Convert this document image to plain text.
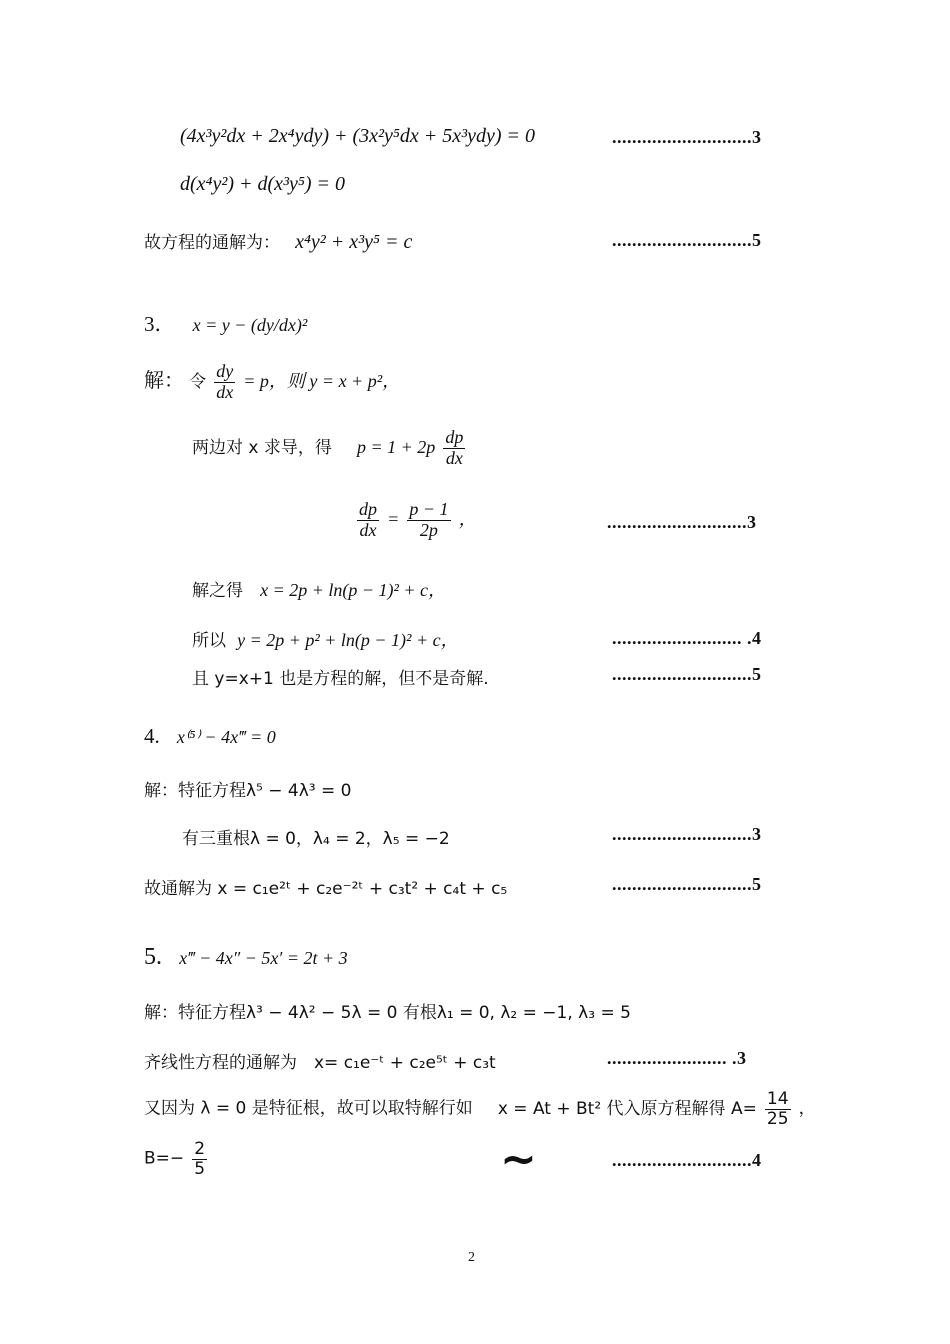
(4x³y²dx + 2x⁴ydy) + (3x²y⁵dx + 5x³ydy) = 0	............................3
d(x⁴y²) + d(x³y⁵) = 0
故方程的通解为： x⁴y² + x³y⁵ = c	............................5
3． x = y − (dy/dx)²
解： 令 $\frac{dy}{dx} = p$，则 y = x + p²，
两边对 x 求导，得 $p = 1 + 2p \frac{dp}{dx}$
$\frac{dp}{dx} = \frac{p - 1}{2p}$ ，	............................3
解之得 x = 2p + ln(p − 1)² + c，
所以 y = 2p + p² + ln(p − 1)² + c，	.......................... .4
且 y=x+1 也是方程的解，但不是奇解.	............................5
4. x⁽⁵⁾ − 4x‴ = 0
解：特征方程λ⁵ − 4λ³ = 0
有三重根λ = 0，λ₄ = 2，λ₅ = −2	............................3
故通解为 x = c₁e²ᵗ + c₂e⁻²ᵗ + c₃t² + c₄t + c₅	............................5
5. x‴ − 4x″ − 5x′ = 2t + 3
解：特征方程λ³ − 4λ² − 5λ = 0 有根λ₁ = 0, λ₂ = −1, λ₃ = 5
齐线性方程的通解为　x= c₁e⁻ᵗ + c₂e⁵ᵗ + c₃t	........................ .3
又因为 λ = 0 是特征根，故可以取特解行如 x = At + Bt² 代入原方程解得 $A= \frac{14}{25}$ ，
$B=- \frac{2}{5}$	~	............................4
2
